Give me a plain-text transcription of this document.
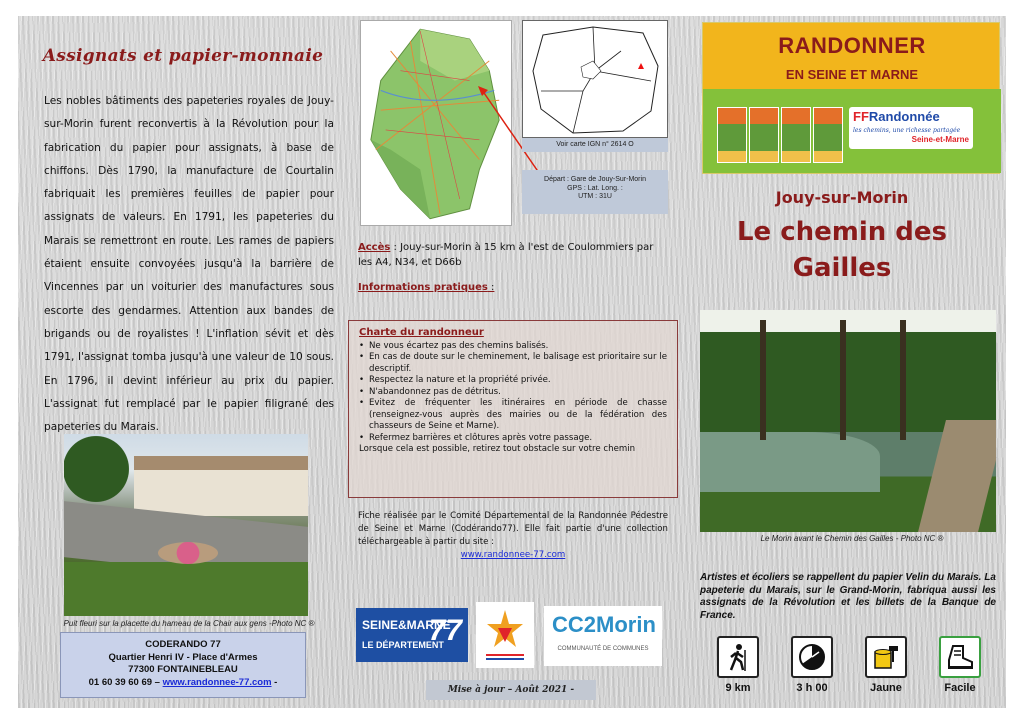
Assignats et papier-monnaie
Les nobles bâtiments des papeteries royales de Jouy-sur-Morin furent reconvertis à la Révolution pour la fabrication du papier pour assignats, à base de chiffons. Dès 1790, la manufacture de Courtalin fabriquait les premières feuilles de papier pour assignats de valeurs. En 1791, les papeteries du Marais se remettront en route. Les rames de papiers étaient ensuite convoyées jusqu'à la barrière de Vincennes par un voiturier des manufactures sous escorte des gendarmes. Attention aux bandes de brigands ou de royalistes ! L'inflation sévit et dès 1791, l'assignat tomba jusqu'à une valeur de 10 sous. En 1796, il devint inférieur au prix du papier. L'assignat fut remplacé par le papier filigrané des papeteries du Marais.
Puit fleuri sur la placette du hameau de la Chair aux gens -Photo NC ®
CODERANDO 77
Quartier Henri IV - Place d'Armes
77300 FONTAINEBLEAU
01 60 39 60 69 – www.randonnee-77.com -
Voir carte IGN n° 2614 O
Départ : Gare de Jouy-Sur-Morin
GPS : Lat. Long. :
UTM : 31U
Accès : Jouy-sur-Morin à 15 km à l'est de Coulommiers par les A4, N34, et D66b
Informations pratiques :
Charte du randonneur
• Ne vous écartez pas des chemins balisés.
• En cas de doute sur le cheminement, le balisage est prioritaire sur le descriptif.
• Respectez la nature et la propriété privée.
• N'abandonnez pas de détritus.
• Evitez de fréquenter les itinéraires en période de chasse (renseignez-vous auprès des mairies ou de la fédération des chasseurs de Seine et Marne).
• Refermez barrières et clôtures après votre passage.
Lorsque cela est possible, retirez tout obstacle sur votre chemin
Fiche réalisée par le Comité Départemental de la Randonnée Pédestre de Seine et Marne (Codérando77). Elle fait partie d'une collection téléchargeable à partir du site :
www.randonnee-77.com
SEINE&MARNE
LE DÉPARTEMENT
77	CC2Morin
COMMUNAUTÉ DE COMMUNES
Mise à jour – Août 2021 -
RANDONNER
EN SEINE ET MARNE
FFRandonnée
les chemins, une richesse partagée
Seine-et-Marne
Jouy-sur-Morin
Le chemin des
Gailles
Le Morin avant le Chemin des Gailles - Photo NC ®
Artistes et écoliers se rappellent du papier Velin du Marais. La papeterie du Marais, sur le Grand-Morin, fabriqua aussi les assignats de la Révolution et les billets de la Banque de France.
9 km	3 h 00	Jaune	Facile
